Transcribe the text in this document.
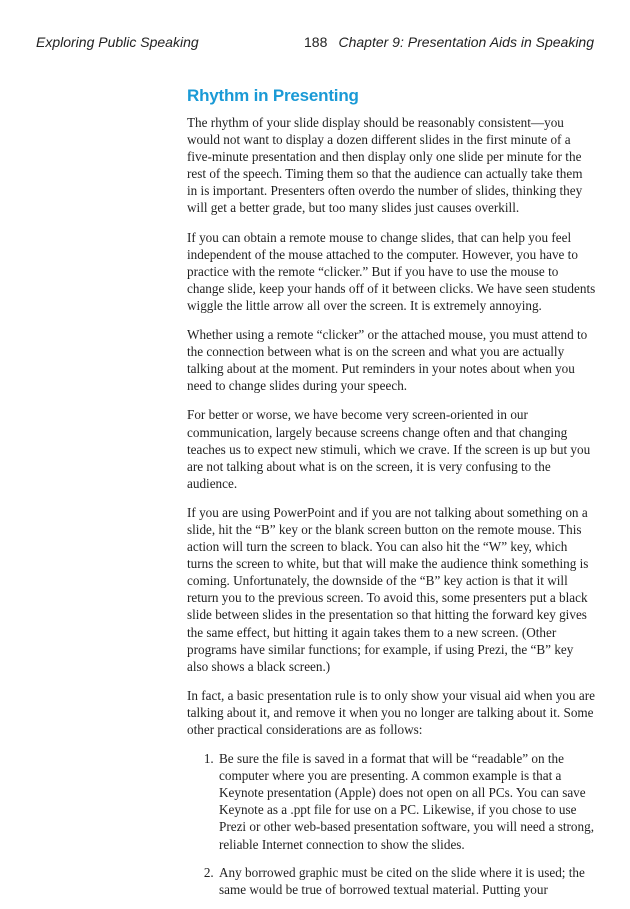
Exploring Public Speaking	188 Chapter 9: Presentation Aids in Speaking
Rhythm in Presenting

The rhythm of your slide display should be reasonably consistent—you would not want to display a dozen different slides in the first minute of a five-minute presentation and then display only one slide per minute for the rest of the speech. Timing them so that the audience can actually take them in is important. Presenters often overdo the number of slides, thinking they will get a better grade, but too many slides just causes overkill.

If you can obtain a remote mouse to change slides, that can help you feel independent of the mouse attached to the computer. However, you have to practice with the remote “clicker.” But if you have to use the mouse to change slide, keep your hands off of it between clicks. We have seen students wiggle the little arrow all over the screen. It is extremely annoying.

Whether using a remote “clicker” or the attached mouse, you must attend to the connection between what is on the screen and what you are actually talking about at the moment. Put reminders in your notes about when you need to change slides during your speech.

For better or worse, we have become very screen-oriented in our communication, largely because screens change often and that changing teaches us to expect new stimuli, which we crave. If the screen is up but you are not talking about what is on the screen, it is very confusing to the audience.

If you are using PowerPoint and if you are not talking about something on a slide, hit the “B” key or the blank screen button on the remote mouse. This action will turn the screen to black. You can also hit the “W” key, which turns the screen to white, but that will make the audience think something is coming. Unfortunately, the downside of the “B” key action is that it will return you to the previous screen. To avoid this, some presenters put a black slide between slides in the presentation so that hitting the forward key gives the same effect, but hitting it again takes them to a new screen. (Other programs have similar functions; for example, if using Prezi, the “B” key also shows a black screen.)

In fact, a basic presentation rule is to only show your visual aid when you are talking about it, and remove it when you no longer are talking about it. Some other practical considerations are as follows:

1. Be sure the file is saved in a format that will be “readable” on the computer where you are presenting. A common example is that a Keynote presentation (Apple) does not open on all PCs. You can save Keynote as a .ppt file for use on a PC. Likewise, if you chose to use Prezi or other web-based presentation software, you will need a strong, reliable Internet connection to show the slides.
2. Any borrowed graphic must be cited on the slide where it is used; the same would be true of borrowed textual material. Putting your
